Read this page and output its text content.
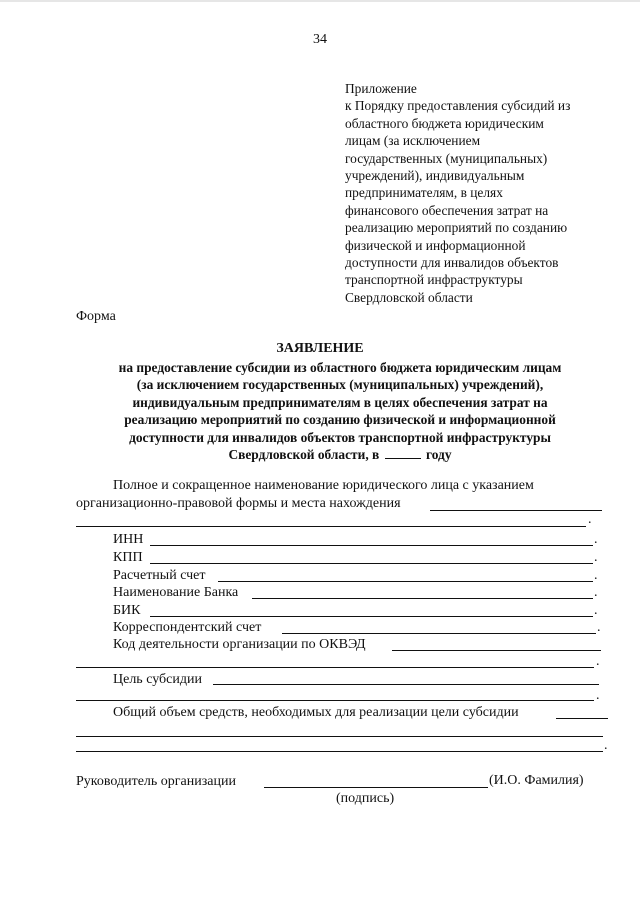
34
Приложение
к Порядку предоставления субсидий из
областного бюджета юридическим
лицам (за исключением
государственных (муниципальных)
учреждений), индивидуальным
предпринимателям, в целях
финансового обеспечения затрат на
реализацию мероприятий по созданию
физической и информационной
доступности для инвалидов объектов
транспортной инфраструктуры
Свердловской области
Форма
ЗАЯВЛЕНИЕ
на предоставление субсидии из областного бюджета юридическим лицам
(за исключением государственных (муниципальных) учреждений),
индивидуальным предпринимателям в целях обеспечения затрат на
реализацию мероприятий по созданию физической и информационной
доступности для инвалидов объектов транспортной инфраструктуры
Свердловской области, в	году
Полное и сокращенное наименование юридического лица с указанием
организационно-правовой формы и места нахождения
.
ИНН	.
КПП	.
Расчетный счет	.
Наименование Банка	.
БИК	.
Корреспондентский счет	.
Код деятельности организации по ОКВЭД
.
Цель субсидии
.
Общий объем средств, необходимых для реализации цели субсидии
.
Руководитель организации	(И.О. Фамилия)
(подпись)
